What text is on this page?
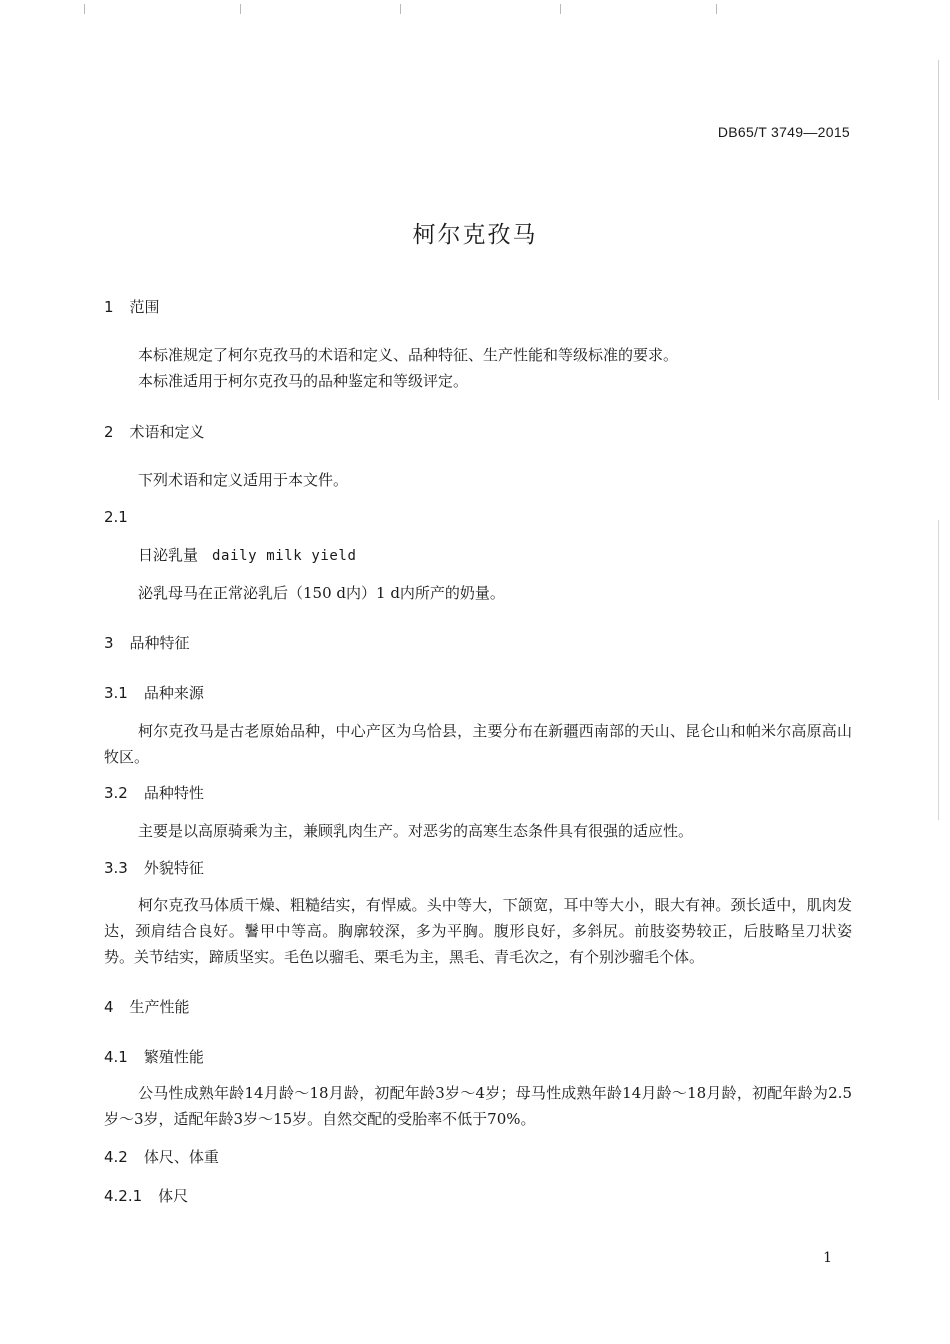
DB65/T 3749—2015
柯尔克孜马
1 范围
本标准规定了柯尔克孜马的术语和定义、品种特征、生产性能和等级标准的要求。
本标准适用于柯尔克孜马的品种鉴定和等级评定。
2 术语和定义
下列术语和定义适用于本文件。
2.1
日泌乳量 daily milk yield
泌乳母马在正常泌乳后（150 d内）1 d内所产的奶量。
3 品种特征
3.1 品种来源
柯尔克孜马是古老原始品种，中心产区为乌恰县，主要分布在新疆西南部的天山、昆仑山和帕米尔高原高山牧区。
3.2 品种特性
主要是以高原骑乘为主，兼顾乳肉生产。对恶劣的高寒生态条件具有很强的适应性。
3.3 外貌特征
柯尔克孜马体质干燥、粗糙结实，有悍威。头中等大，下颌宽，耳中等大小，眼大有神。颈长适中，肌肉发达，颈肩结合良好。鬐甲中等高。胸廓较深，多为平胸。腹形良好，多斜尻。前肢姿势较正，后肢略呈刀状姿势。关节结实，蹄质坚实。毛色以骝毛、栗毛为主，黑毛、青毛次之，有个别沙骝毛个体。
4 生产性能
4.1 繁殖性能
公马性成熟年龄14月龄～18月龄，初配年龄3岁～4岁；母马性成熟年龄14月龄～18月龄，初配年龄为2.5岁～3岁，适配年龄3岁～15岁。自然交配的受胎率不低于70%。
4.2 体尺、体重
4.2.1 体尺
1
